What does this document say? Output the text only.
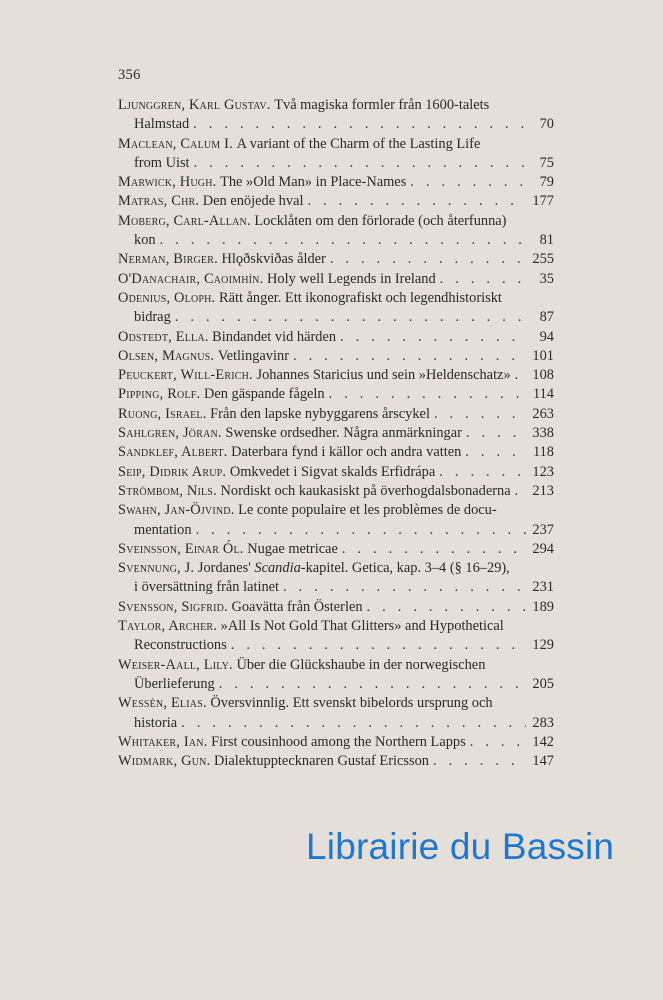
356
Ljunggren, Karl Gustav.
Två magiska formler från 1600-talets
Halmstad . . .	70
Maclean, Calum I.
A variant of the Charm of the Lasting Life
from Uist . . .	75
Marwick, Hugh.
The »Old Man» in Place-Names . . .	79
Matras, Chr.
Den enöjede hval . . .	177
Moberg, Carl-Allan.
Locklåten om den förlorade (och återfunna)
kon . . .	81
Nerman, Birger.
Hlǫðskviðas ålder . . .	255
O'Danachair, Caoimhín.
Holy well Legends in Ireland . . .	35
Odenius, Oloph.
Rätt ånger. Ett ikonografiskt och legendhistoriskt
bidrag . . .	87
Odstedt, Ella.
Bindandet vid härden . . .	94
Olsen, Magnus.
Vetlingavinr . . .	101
Peuckert, Will-Erich.
Johannes Staricius und sein »Heldenschatz» . . . 108
Pipping, Rolf.
Den gäspande fågeln . . .	114
Ruong, Israel.
Från den lapske nybyggarens årscykel . . .	263
Sahlgren, Jöran.
Swenske ordsedher. Några anmärkningar . . .	338
Sandklef, Albert.
Daterbara fynd i källor och andra vatten . . .	118
Seip, Didrik Arup.
Omkvedet i Sigvat skalds Erfidrápa . . .	123
Strömbom, Nils.
Nordiskt och kaukasiskt på överhogdalsbonaderna . . . 213
Swahn, Jan-Öjvind.
Le conte populaire et les problèmes de docu-
mentation . . .	237
Sveinsson, Einar Ól.
Nugae metricae . . .	294
Svennung, J.
Jordanes' Scandia-kapitel. Getica, kap. 3–4 (§ 16–29),
i översättning från latinet . . .	231
Svensson, Sigfrid.
Goavätta från Österlen . . .	189
Taylor, Archer.
»All Is Not Gold That Glitters» and Hypothetical
Reconstructions . . .	129
Weiser-Aall, Lily.
Über die Glückshaube in der norwegischen
Überlieferung . . .	205
Wessén, Elias.
Översvinnlig. Ett svenskt bibelords ursprung och
historia . . .	283
Whitaker, Ian.
First cousinhood among the Northern Lapps . . .	142
Widmark, Gun.
Dialektupptecknaren Gustaf Ericsson . . .	147
Librairie du Bassin
